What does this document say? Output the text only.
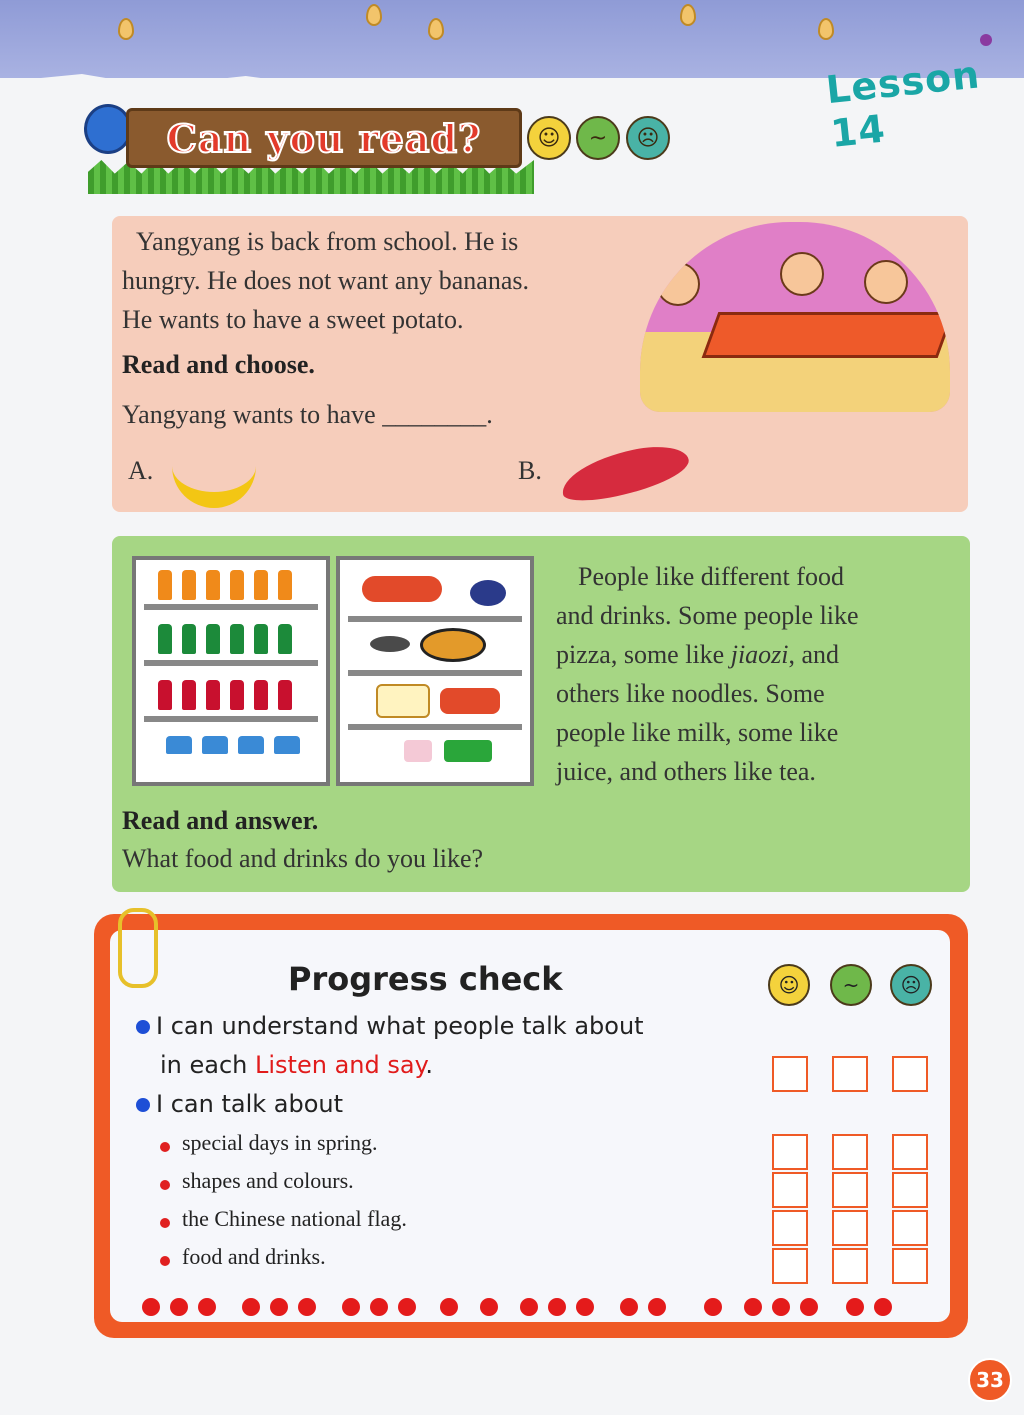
Lesson 14
Can you read?	☺	~	☹

Yangyang is back from school. He is

hungry. He does not want any bananas.

He wants to have a sweet potato.

Read and choose.

Yangyang wants to have ________.

A.	B.

People like different food

and drinks. Some people like

pizza, some like jiaozi, and

others like noodles. Some

people like milk, some like

juice, and others like tea.

Read and answer.

What food and drinks do you like?

Progress check	☺	~	☹

I can understand what people talk about

in each Listen and say.

I can talk about

special days in spring.

shapes and colours.

the Chinese national flag.

food and drinks.

33
